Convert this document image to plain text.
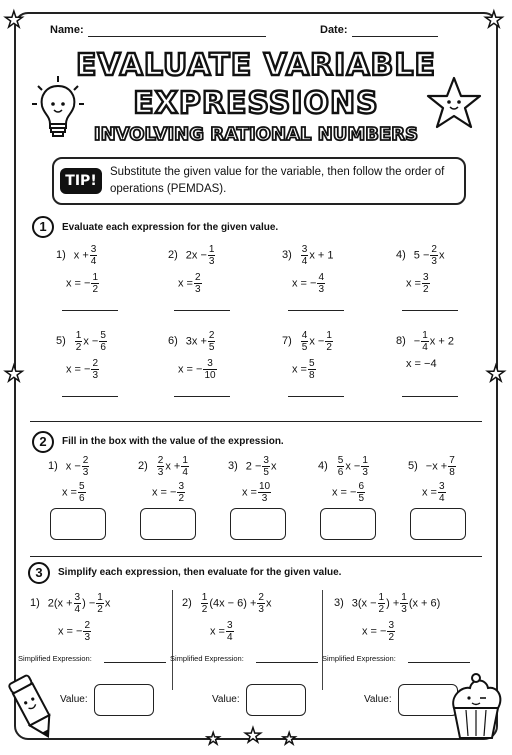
★	★
★	★
★ ★ ★
Name:	Date:
EVALUATE VARIABLE
EXPRESSIONS
INVOLVING RATIONAL NUMBERS
TIP!
Substitute the given value for the variable, then follow the order of operations (PEMDAS).
1	Evaluate each expression for the given value.
1) $x + \frac{3}{4}$
x = − $\frac{1}{2}$
2) $2x - \frac{1}{3}$
$x = \frac{2}{3}$
$3) \frac{3}{4}$ x + 1
x = − $\frac{4}{3}$
4) $5 - \frac{2}{3}$ x
$x = \frac{3}{2}$
$5) \frac{1}{2}$ $x - \frac{5}{6}$
x = − $\frac{2}{3}$
6) $3x + \frac{2}{5}$
x = − $\frac{3}{10}$
$7) \frac{4}{5}$ $x - \frac{1}{2}$
$x = \frac{5}{8}$
$8) - \frac{1}{4}$ x + 2
x = −4
2	Fill in the box with the value of the expression.
1) $x - \frac{2}{3}$
$x = \frac{5}{6}$
$2) \frac{2}{3}$ $x + \frac{1}{4}$
x = − $\frac{3}{2}$
3) $2 - \frac{3}{5}$ x
$x = \frac{10}{3}$
$4) \frac{5}{6}$ $x - \frac{1}{3}$
x = − $\frac{6}{5}$
$5) -x + \frac{7}{8}$
$x = \frac{3}{4}$
3	Simplify each expression, then evaluate for the given value.
1) $2(x + \frac{3}{4}$ ) − $\frac{1}{2}$ x
x = − $\frac{2}{3}$
Simplified Expression:
Value:
$2) \frac{1}{2} (4x - 6) + \frac{2}{3}$ x
$x = \frac{3}{4}$
Simplified Expression:
Value:
3) $3(x - \frac{1}{2}$ ) + $\frac{1}{3} (x + 6)$
x = − $\frac{3}{2}$
Simplified Expression:
Value:
